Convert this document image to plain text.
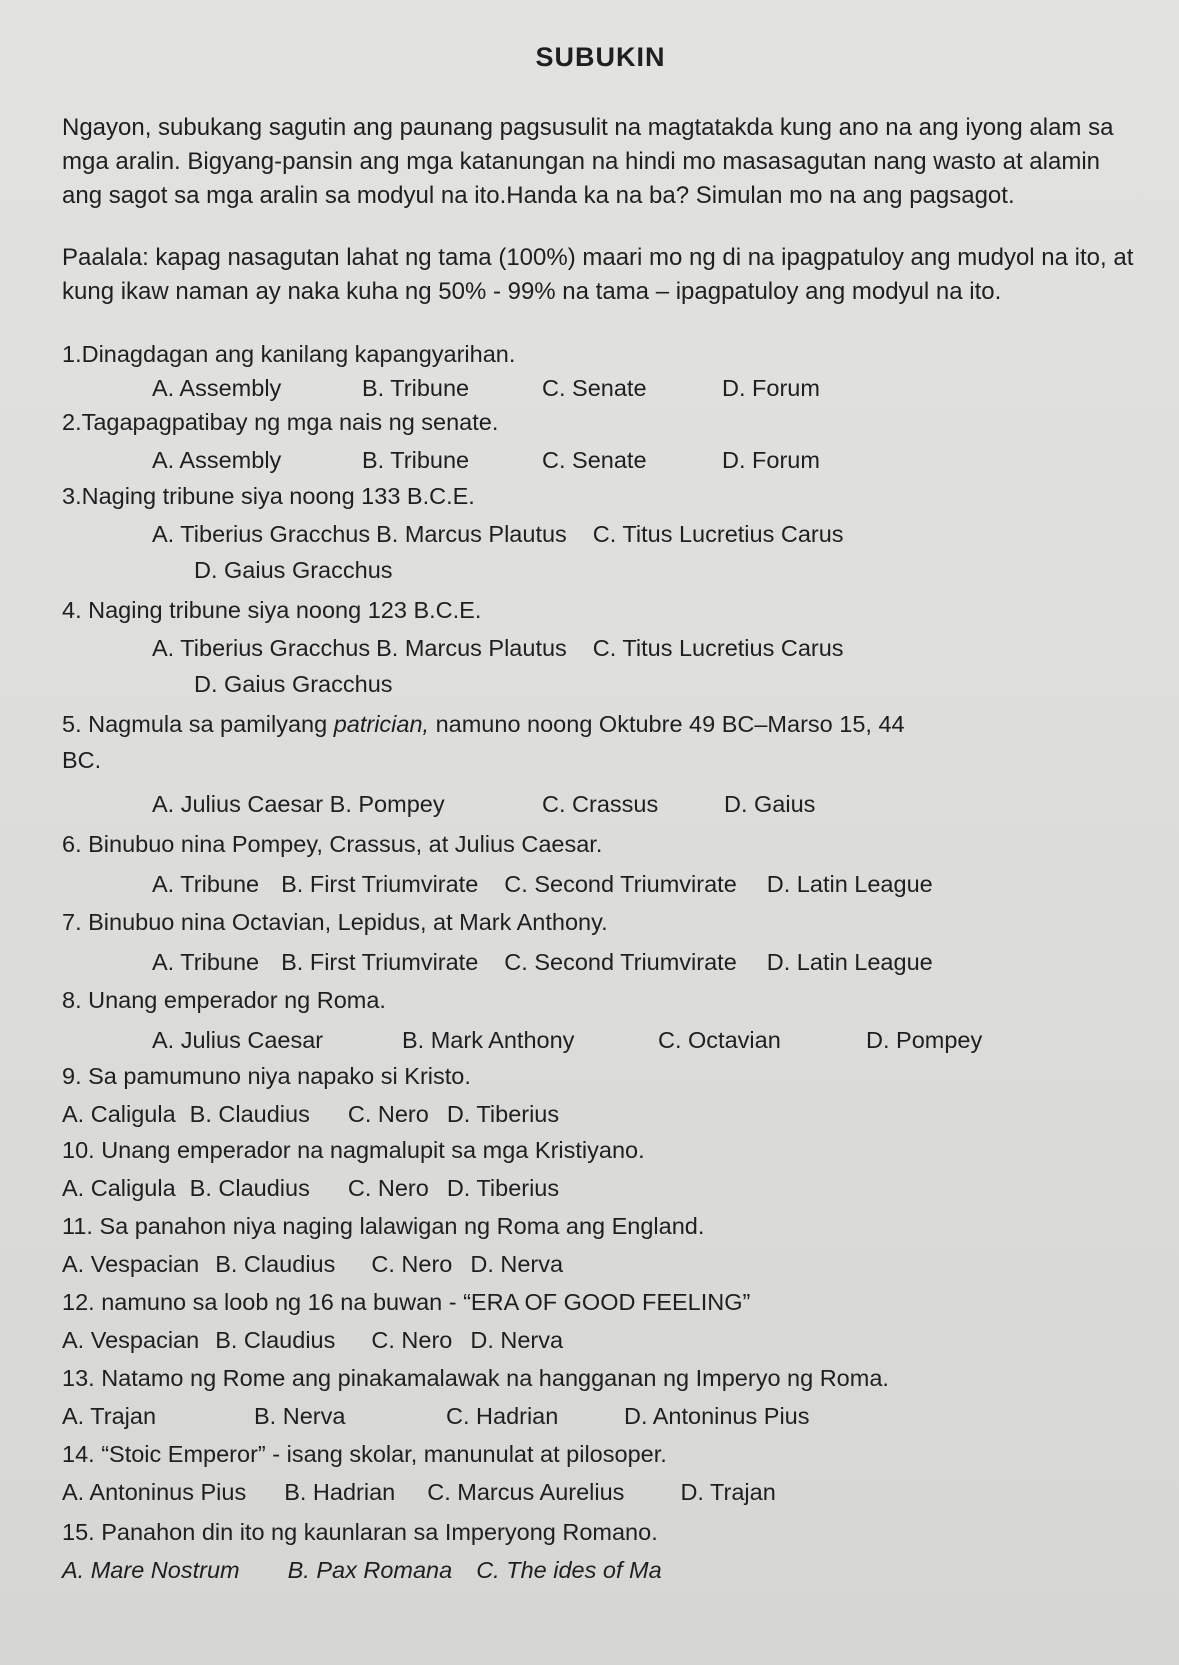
SUBUKIN

Ngayon, subukang sagutin ang paunang pagsusulit na magtatakda kung ano na ang iyong alam sa mga aralin. Bigyang-pansin ang mga katanungan na hindi mo masasagutan nang wasto at alamin ang sagot sa mga aralin sa modyul na ito.Handa ka na ba? Simulan mo na ang pagsagot.

Paalala: kapag nasagutan lahat ng tama (100%) maari mo ng di na ipagpatuloy ang mudyol na ito, at kung ikaw naman ay naka kuha ng 50% - 99% na tama – ipagpatuloy ang modyul na ito.

1.Dinagdagan ang kanilang kapangyarihan.
A. Assembly	B. Tribune	C. Senate	D. Forum
2.Tagapagpatibay ng mga nais ng senate.
A. Assembly	B. Tribune	C. Senate	D. Forum
3.Naging tribune siya noong 133 B.C.E.
A. Tiberius Gracchus B. Marcus Plautus C. Titus Lucretius Carus
D. Gaius Gracchus
4. Naging tribune siya noong 123 B.C.E.
A. Tiberius Gracchus B. Marcus Plautus C. Titus Lucretius Carus
D. Gaius Gracchus
5. Nagmula sa pamilyang patrician, namuno noong Oktubre 49 BC–Marso 15, 44
BC.
A. Julius Caesar B. Pompey	C. Crassus	D. Gaius
6. Binubuo nina Pompey, Crassus, at Julius Caesar.
A. Tribune B. First Triumvirate C. Second Triumvirate D. Latin League
7. Binubuo nina Octavian, Lepidus, at Mark Anthony.
A. Tribune B. First Triumvirate C. Second Triumvirate D. Latin League
8. Unang emperador ng Roma.
A. Julius Caesar	B. Mark Anthony	C. Octavian	D. Pompey
9. Sa pamumuno niya napako si Kristo.
A. Caligula B. Claudius C. Nero D. Tiberius
10. Unang emperador na nagmalupit sa mga Kristiyano.
A. Caligula B. Claudius C. Nero D. Tiberius
11. Sa panahon niya naging lalawigan ng Roma ang England.
A. Vespacian B. Claudius C. Nero D. Nerva
12. namuno sa loob ng 16 na buwan - “ERA OF GOOD FEELING”
A. Vespacian B. Claudius C. Nero D. Nerva
13. Natamo ng Rome ang pinakamalawak na hangganan ng Imperyo ng Roma.
A. Trajan	B. Nerva	C. Hadrian	D. Antoninus Pius
14. “Stoic Emperor” - isang skolar, manunulat at pilosoper.
A. Antoninus Pius B. Hadrian C. Marcus Aurelius D. Trajan
15. Panahon din ito ng kaunlaran sa Imperyong Romano.
A. Mare Nostrum B. Pax Romana C. The ides of Ma
